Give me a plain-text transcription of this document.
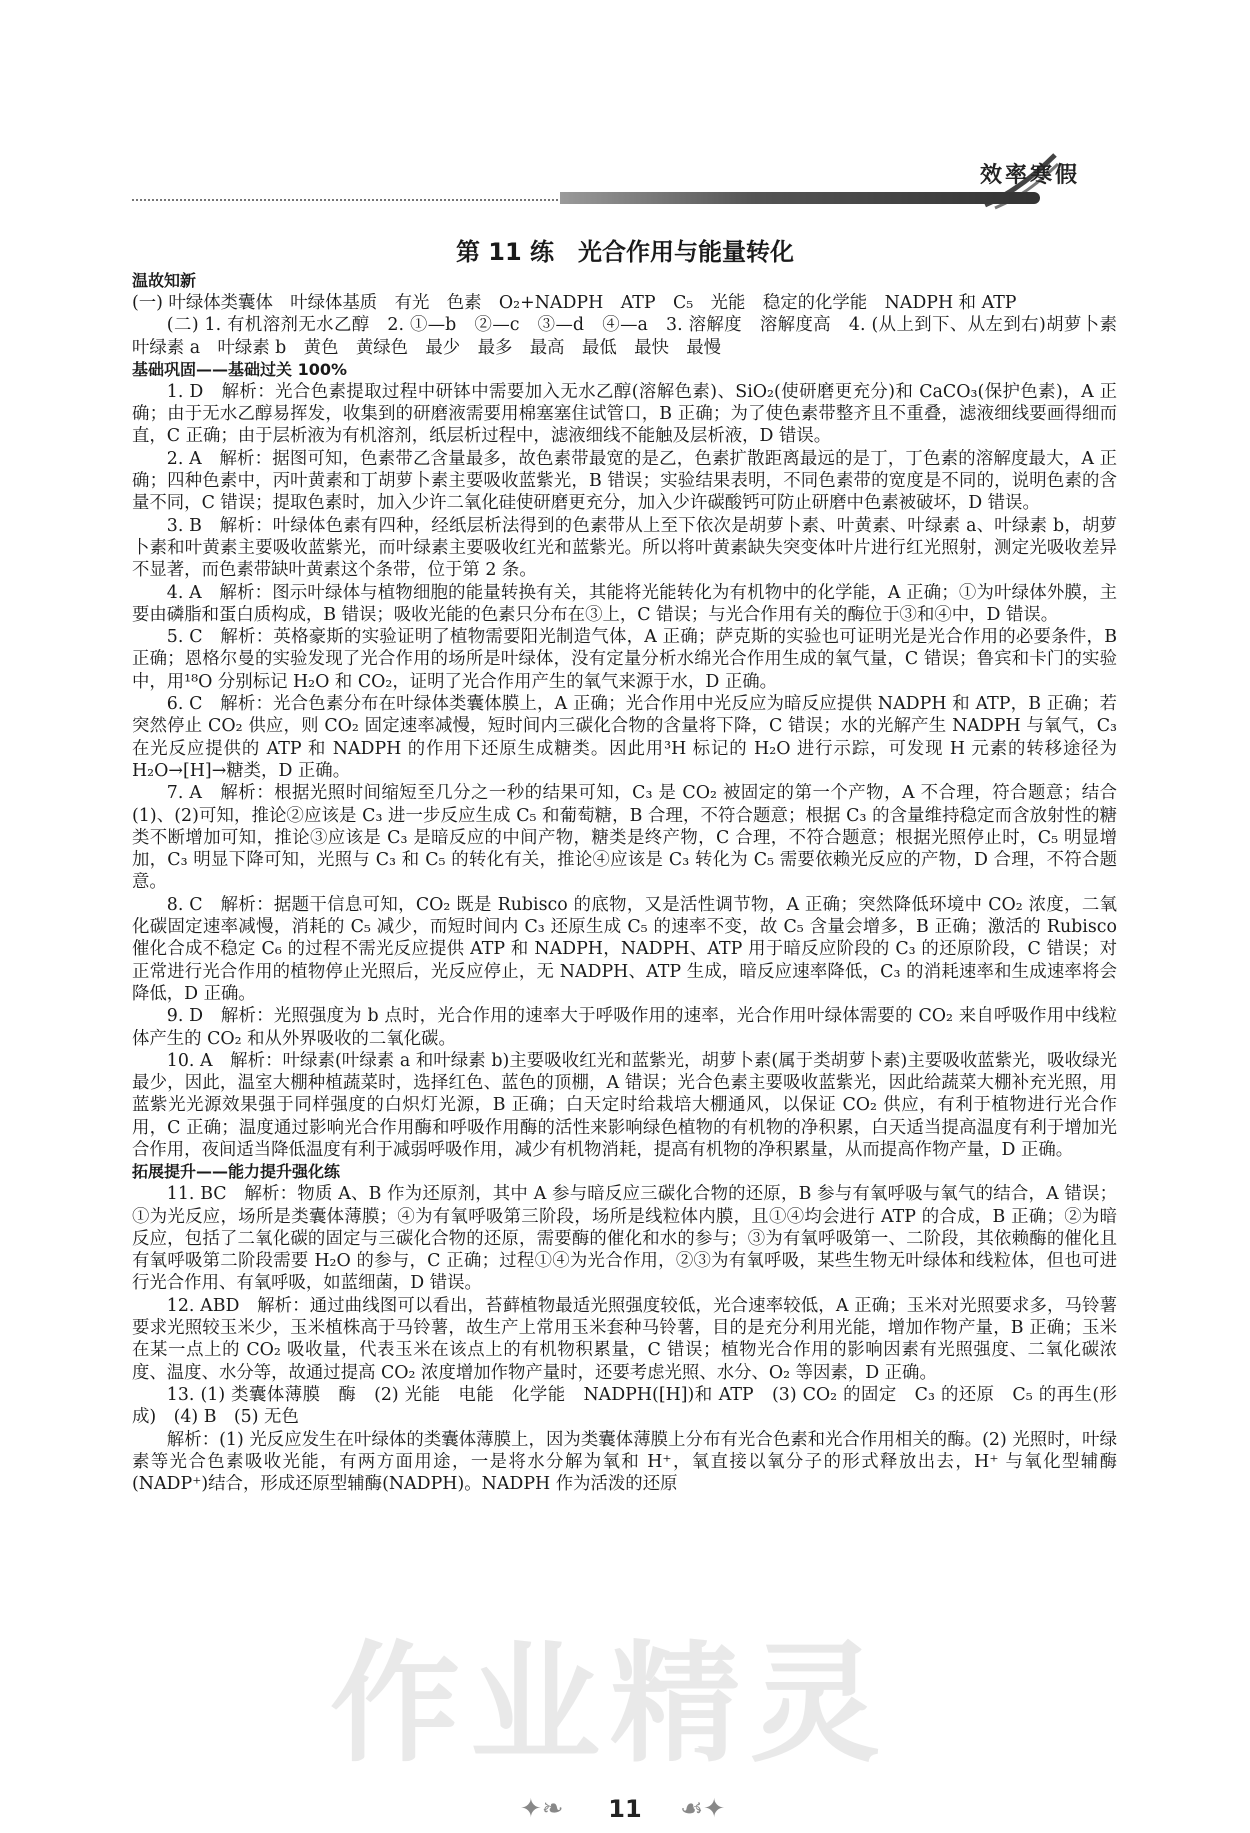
效率寒假
第 11 练　光合作用与能量转化
温故知新

(一) 叶绿体类囊体　叶绿体基质　有光　色素　O₂+NADPH　ATP　C₅　光能　稳定的化学能　NADPH 和 ATP

(二) 1. 有机溶剂无水乙醇　2. ①—b　②—c　③—d　④—a　3. 溶解度　溶解度高　4. (从上到下、从左到右)胡萝卜素　叶绿素 a　叶绿素 b　黄色　黄绿色　最少　最多　最高　最低　最快　最慢

基础巩固——基础过关 100%

1. D　解析：光合色素提取过程中研钵中需要加入无水乙醇(溶解色素)、SiO₂(使研磨更充分)和 CaCO₃(保护色素)，A 正确；由于无水乙醇易挥发，收集到的研磨液需要用棉塞塞住试管口，B 正确；为了使色素带整齐且不重叠，滤液细线要画得细而直，C 正确；由于层析液为有机溶剂，纸层析过程中，滤液细线不能触及层析液，D 错误。

2. A　解析：据图可知，色素带乙含量最多，故色素带最宽的是乙，色素扩散距离最远的是丁，丁色素的溶解度最大，A 正确；四种色素中，丙叶黄素和丁胡萝卜素主要吸收蓝紫光，B 错误；实验结果表明，不同色素带的宽度是不同的，说明色素的含量不同，C 错误；提取色素时，加入少许二氧化硅使研磨更充分，加入少许碳酸钙可防止研磨中色素被破坏，D 错误。

3. B　解析：叶绿体色素有四种，经纸层析法得到的色素带从上至下依次是胡萝卜素、叶黄素、叶绿素 a、叶绿素 b，胡萝卜素和叶黄素主要吸收蓝紫光，而叶绿素主要吸收红光和蓝紫光。所以将叶黄素缺失突变体叶片进行红光照射，测定光吸收差异不显著，而色素带缺叶黄素这个条带，位于第 2 条。

4. A　解析：图示叶绿体与植物细胞的能量转换有关，其能将光能转化为有机物中的化学能，A 正确；①为叶绿体外膜，主要由磷脂和蛋白质构成，B 错误；吸收光能的色素只分布在③上，C 错误；与光合作用有关的酶位于③和④中，D 错误。

5. C　解析：英格豪斯的实验证明了植物需要阳光制造气体，A 正确；萨克斯的实验也可证明光是光合作用的必要条件，B 正确；恩格尔曼的实验发现了光合作用的场所是叶绿体，没有定量分析水绵光合作用生成的氧气量，C 错误；鲁宾和卡门的实验中，用¹⁸O 分别标记 H₂O 和 CO₂，证明了光合作用产生的氧气来源于水，D 正确。

6. C　解析：光合色素分布在叶绿体类囊体膜上，A 正确；光合作用中光反应为暗反应提供 NADPH 和 ATP，B 正确；若突然停止 CO₂ 供应，则 CO₂ 固定速率减慢，短时间内三碳化合物的含量将下降，C 错误；水的光解产生 NADPH 与氧气，C₃ 在光反应提供的 ATP 和 NADPH 的作用下还原生成糖类。因此用³H 标记的 H₂O 进行示踪，可发现 H 元素的转移途径为 H₂O→[H]→糖类，D 正确。

7. A　解析：根据光照时间缩短至几分之一秒的结果可知，C₃ 是 CO₂ 被固定的第一个产物，A 不合理，符合题意；结合(1)、(2)可知，推论②应该是 C₃ 进一步反应生成 C₅ 和葡萄糖，B 合理，不符合题意；根据 C₃ 的含量维持稳定而含放射性的糖类不断增加可知，推论③应该是 C₃ 是暗反应的中间产物，糖类是终产物，C 合理，不符合题意；根据光照停止时，C₅ 明显增加，C₃ 明显下降可知，光照与 C₃ 和 C₅ 的转化有关，推论④应该是 C₃ 转化为 C₅ 需要依赖光反应的产物，D 合理，不符合题意。

8. C　解析：据题干信息可知，CO₂ 既是 Rubisco 的底物，又是活性调节物，A 正确；突然降低环境中 CO₂ 浓度，二氧化碳固定速率减慢，消耗的 C₅ 减少，而短时间内 C₃ 还原生成 C₅ 的速率不变，故 C₅ 含量会增多，B 正确；激活的 Rubisco 催化合成不稳定 C₆ 的过程不需光反应提供 ATP 和 NADPH，NADPH、ATP 用于暗反应阶段的 C₃ 的还原阶段，C 错误；对正常进行光合作用的植物停止光照后，光反应停止，无 NADPH、ATP 生成，暗反应速率降低，C₃ 的消耗速率和生成速率将会降低，D 正确。

9. D　解析：光照强度为 b 点时，光合作用的速率大于呼吸作用的速率，光合作用叶绿体需要的 CO₂ 来自呼吸作用中线粒体产生的 CO₂ 和从外界吸收的二氧化碳。

10. A　解析：叶绿素(叶绿素 a 和叶绿素 b)主要吸收红光和蓝紫光，胡萝卜素(属于类胡萝卜素)主要吸收蓝紫光，吸收绿光最少，因此，温室大棚种植蔬菜时，选择红色、蓝色的顶棚，A 错误；光合色素主要吸收蓝紫光，因此给蔬菜大棚补充光照，用蓝紫光光源效果强于同样强度的白炽灯光源，B 正确；白天定时给栽培大棚通风，以保证 CO₂ 供应，有利于植物进行光合作用，C 正确；温度通过影响光合作用酶和呼吸作用酶的活性来影响绿色植物的有机物的净积累，白天适当提高温度有利于增加光合作用，夜间适当降低温度有利于减弱呼吸作用，减少有机物消耗，提高有机物的净积累量，从而提高作物产量，D 正确。

拓展提升——能力提升强化练

11. BC　解析：物质 A、B 作为还原剂，其中 A 参与暗反应三碳化合物的还原，B 参与有氧呼吸与氧气的结合，A 错误；①为光反应，场所是类囊体薄膜；④为有氧呼吸第三阶段，场所是线粒体内膜，且①④均会进行 ATP 的合成，B 正确；②为暗反应，包括了二氧化碳的固定与三碳化合物的还原，需要酶的催化和水的参与；③为有氧呼吸第一、二阶段，其依赖酶的催化且有氧呼吸第二阶段需要 H₂O 的参与，C 正确；过程①④为光合作用，②③为有氧呼吸，某些生物无叶绿体和线粒体，但也可进行光合作用、有氧呼吸，如蓝细菌，D 错误。

12. ABD　解析：通过曲线图可以看出，苔藓植物最适光照强度较低，光合速率较低，A 正确；玉米对光照要求多，马铃薯要求光照较玉米少，玉米植株高于马铃薯，故生产上常用玉米套种马铃薯，目的是充分利用光能，增加作物产量，B 正确；玉米在某一点上的 CO₂ 吸收量，代表玉米在该点上的有机物积累量，C 错误；植物光合作用的影响因素有光照强度、二氧化碳浓度、温度、水分等，故通过提高 CO₂ 浓度增加作物产量时，还要考虑光照、水分、O₂ 等因素，D 正确。

13. (1) 类囊体薄膜　酶　(2) 光能　电能　化学能　NADPH([H])和 ATP　(3) CO₂ 的固定　C₃ 的还原　C₅ 的再生(形成)　(4) B　(5) 无色

解析：(1) 光反应发生在叶绿体的类囊体薄膜上，因为类囊体薄膜上分布有光合色素和光合作用相关的酶。(2) 光照时，叶绿素等光合色素吸收光能，有两方面用途，一是将水分解为氧和 H⁺，氧直接以氧分子的形式释放出去，H⁺ 与氧化型辅酶(NADP⁺)结合，形成还原型辅酶(NADPH)。NADPH 作为活泼的还原

作业精灵
✦❧	11	☙✦
